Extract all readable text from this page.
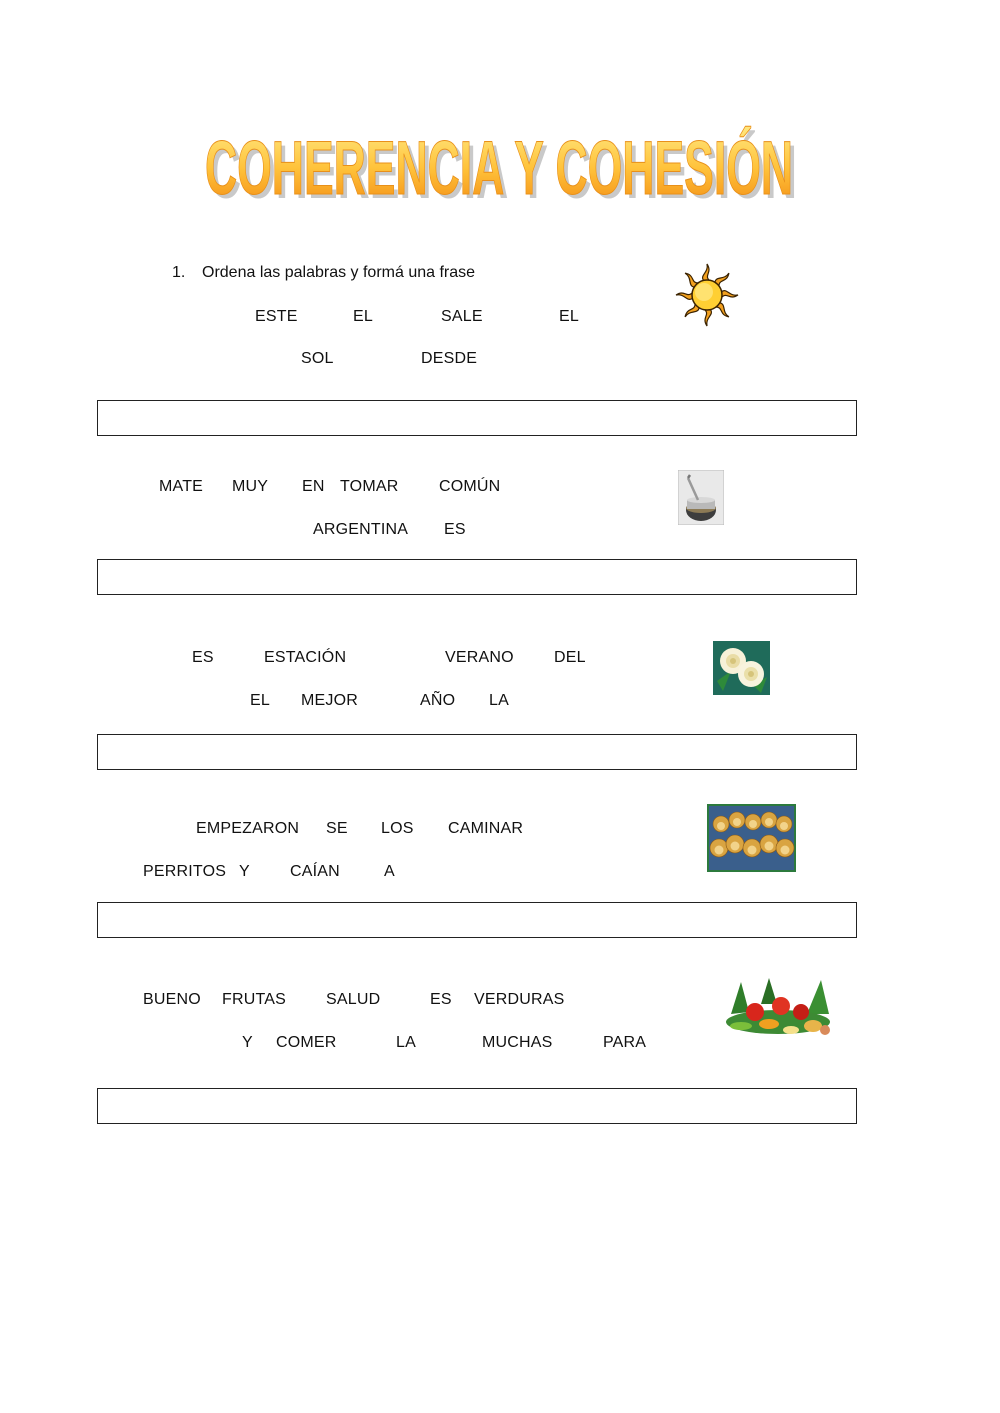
COHERENCIA Y COHESIÓN
COHERENCIA Y COHESIÓN
1. Ordena las palabras y formá una frase
ESTE	EL	SALE	EL
SOL	DESDE
MATE MUY EN TOMAR	COMÚN
ARGENTINA ES
ES	ESTACIÓN	VERANO	DEL
EL MEJOR	AÑO LA
EMPEZARON SE LOS CAMINAR
PERRITOS Y	CAÍAN	A
BUENO FRUTAS SALUD	ES VERDURAS
Y COMER	LA	MUCHAS	PARA
